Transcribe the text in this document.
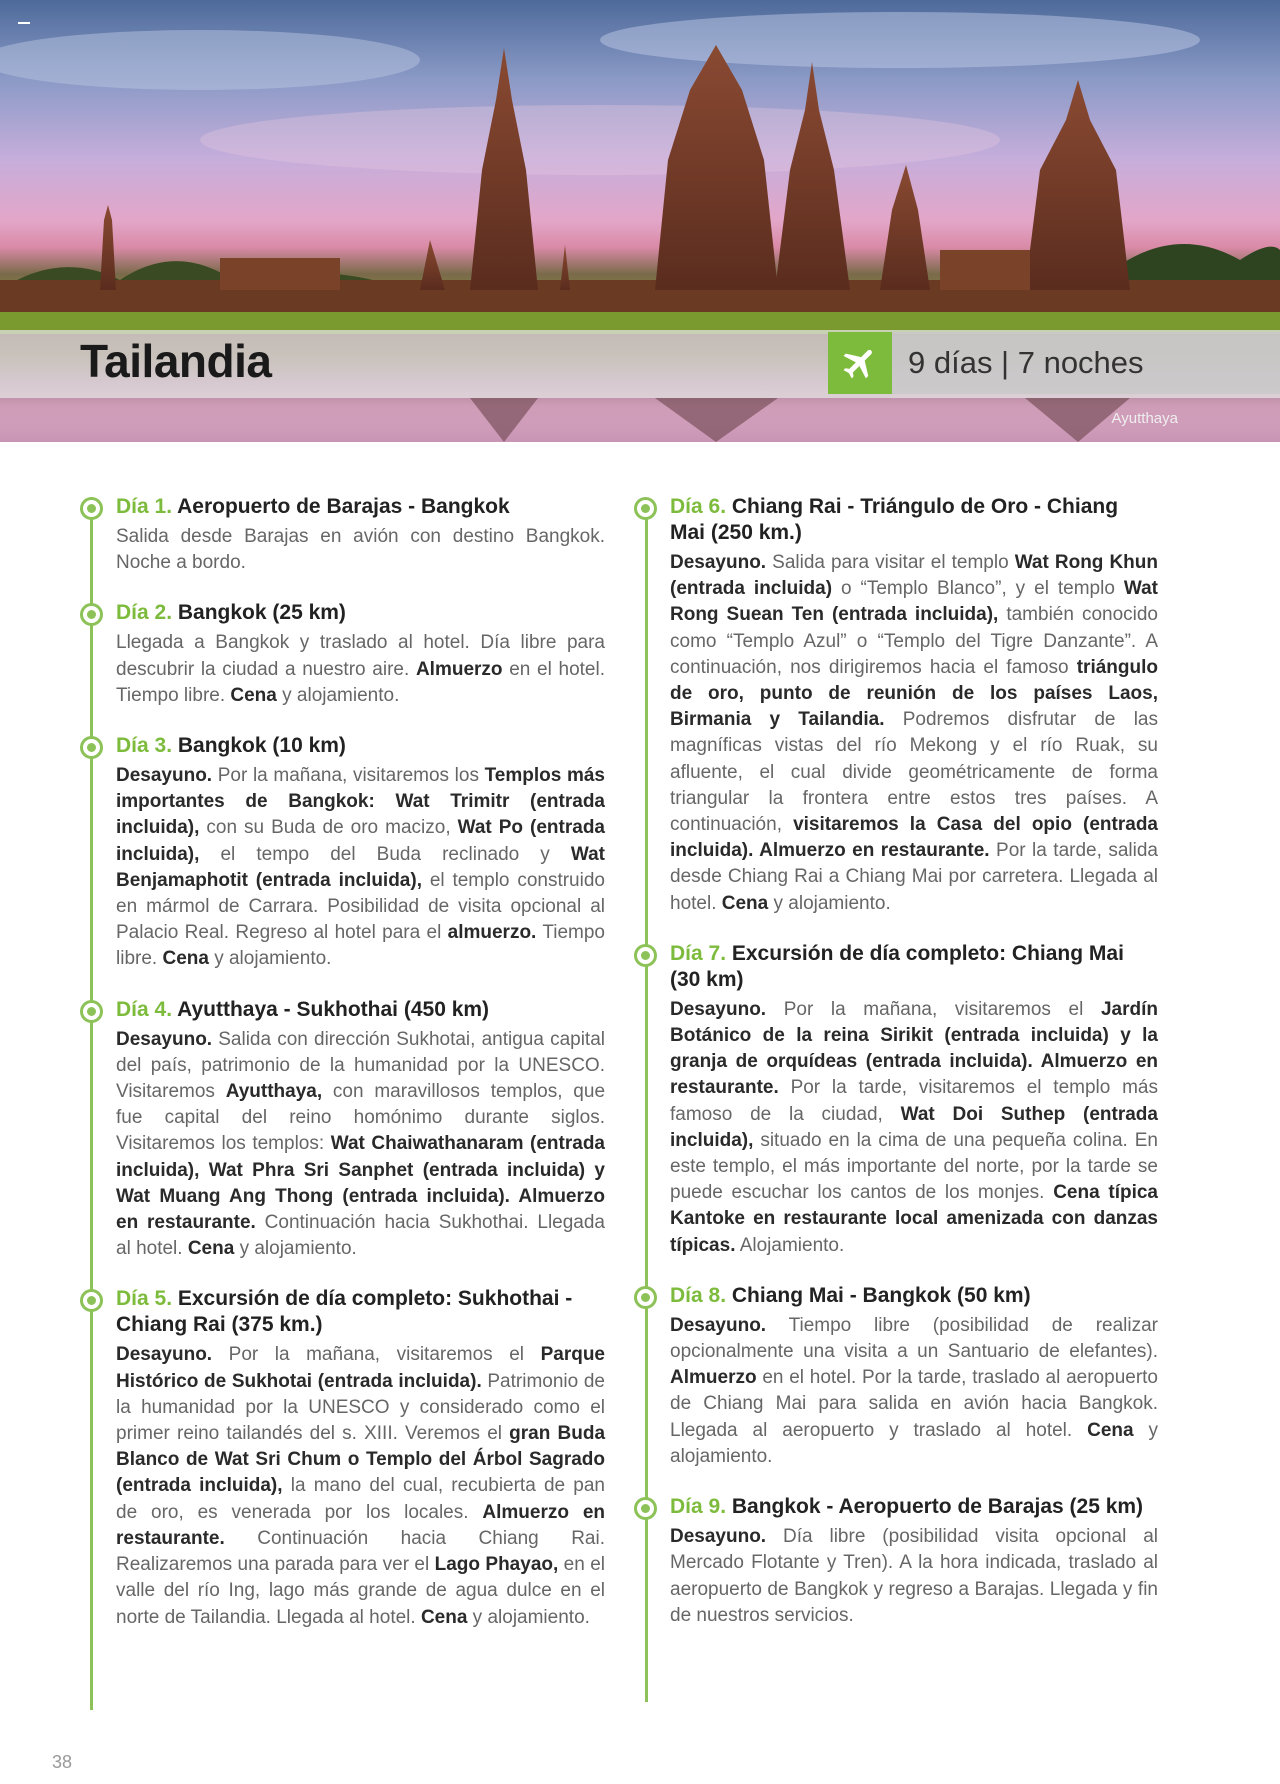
Ayutthaya
Tailandia	9 días | 7 noches
Día 1. Aeropuerto de Barajas - Bangkok
Salida desde Barajas en avión con destino Bangkok. Noche a bordo.
Día 2. Bangkok (25 km)
Llegada a Bangkok y traslado al hotel. Día libre para descubrir la ciudad a nuestro aire. Almuerzo en el hotel. Tiempo libre. Cena y alojamiento.
Día 3. Bangkok (10 km)
Desayuno. Por la mañana, visitaremos los Templos más importantes de Bangkok: Wat Trimitr (entrada incluida), con su Buda de oro macizo, Wat Po (entrada incluida), el tempo del Buda reclinado y Wat Benjamaphotit (entrada incluida), el templo construido en mármol de Carrara. Posibilidad de visita opcional al Palacio Real. Regreso al hotel para el almuerzo. Tiempo libre. Cena y alojamiento.
Día 4. Ayutthaya - Sukhothai (450 km)
Desayuno. Salida con dirección Sukhotai, antigua capital del país, patrimonio de la humanidad por la UNESCO. Visitaremos Ayutthaya, con maravillosos templos, que fue capital del reino homónimo durante siglos. Visitaremos los templos: Wat Chaiwathanaram (entrada incluida), Wat Phra Sri Sanphet (entrada incluida) y Wat Muang Ang Thong (entrada incluida). Almuerzo en restaurante. Continuación hacia Sukhothai. Llegada al hotel. Cena y alojamiento.
Día 5. Excursión de día completo: Sukhothai - Chiang Rai (375 km.)
Desayuno. Por la mañana, visitaremos el Parque Histórico de Sukhotai (entrada incluida). Patrimonio de la humanidad por la UNESCO y considerado como el primer reino tailandés del s. XIII. Veremos el gran Buda Blanco de Wat Sri Chum o Templo del Árbol Sagrado (entrada incluida), la mano del cual, recubierta de pan de oro, es venerada por los locales. Almuerzo en restaurante. Continuación hacia Chiang Rai. Realizaremos una parada para ver el Lago Phayao, en el valle del río Ing, lago más grande de agua dulce en el norte de Tailandia. Llegada al hotel. Cena y alojamiento.
Día 6. Chiang Rai - Triángulo de Oro - Chiang Mai (250 km.)
Desayuno. Salida para visitar el templo Wat Rong Khun (entrada incluida) o “Templo Blanco”, y el templo Wat Rong Suean Ten (entrada incluida), también conocido como “Templo Azul” o “Templo del Tigre Danzante”. A continuación, nos dirigiremos hacia el famoso triángulo de oro, punto de reunión de los países Laos, Birmania y Tailandia. Podremos disfrutar de las magníficas vistas del río Mekong y el río Ruak, su afluente, el cual divide geométricamente de forma triangular la frontera entre estos tres países. A continuación, visitaremos la Casa del opio (entrada incluida). Almuerzo en restaurante. Por la tarde, salida desde Chiang Rai a Chiang Mai por carretera. Llegada al hotel. Cena y alojamiento.
Día 7. Excursión de día completo: Chiang Mai (30 km)
Desayuno. Por la mañana, visitaremos el Jardín Botánico de la reina Sirikit (entrada incluida) y la granja de orquídeas (entrada incluida). Almuerzo en restaurante. Por la tarde, visitaremos el templo más famoso de la ciudad, Wat Doi Suthep (entrada incluida), situado en la cima de una pequeña colina. En este templo, el más importante del norte, por la tarde se puede escuchar los cantos de los monjes. Cena típica Kantoke en restaurante local amenizada con danzas típicas. Alojamiento.
Día 8. Chiang Mai - Bangkok (50 km)
Desayuno. Tiempo libre (posibilidad de realizar opcionalmente una visita a un Santuario de elefantes). Almuerzo en el hotel. Por la tarde, traslado al aeropuerto de Chiang Mai para salida en avión hacia Bangkok. Llegada al aeropuerto y traslado al hotel. Cena y alojamiento.
Día 9. Bangkok - Aeropuerto de Barajas (25 km)
Desayuno. Día libre (posibilidad visita opcional al Mercado Flotante y Tren). A la hora indicada, traslado al aeropuerto de Bangkok y regreso a Barajas. Llegada y fin de nuestros servicios.
38
